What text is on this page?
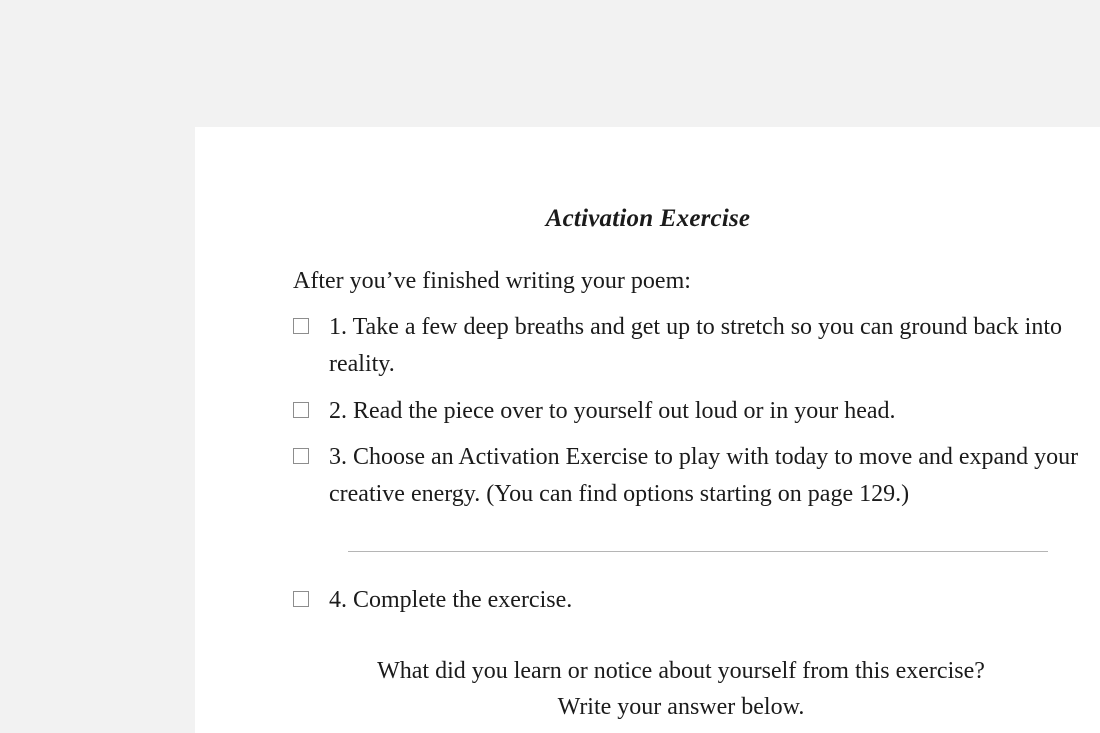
Activation Exercise

After you’ve finished writing your poem:

1. Take a few deep breaths and get up to stretch so you can ground back into reality.
2. Read the piece over to yourself out loud or in your head.
3. Choose an Activation Exercise to play with today to move and expand your creative energy. (You can find options starting on page 129.)
4. Complete the exercise.
What did you learn or notice about yourself from this exercise?
Write your answer below.
